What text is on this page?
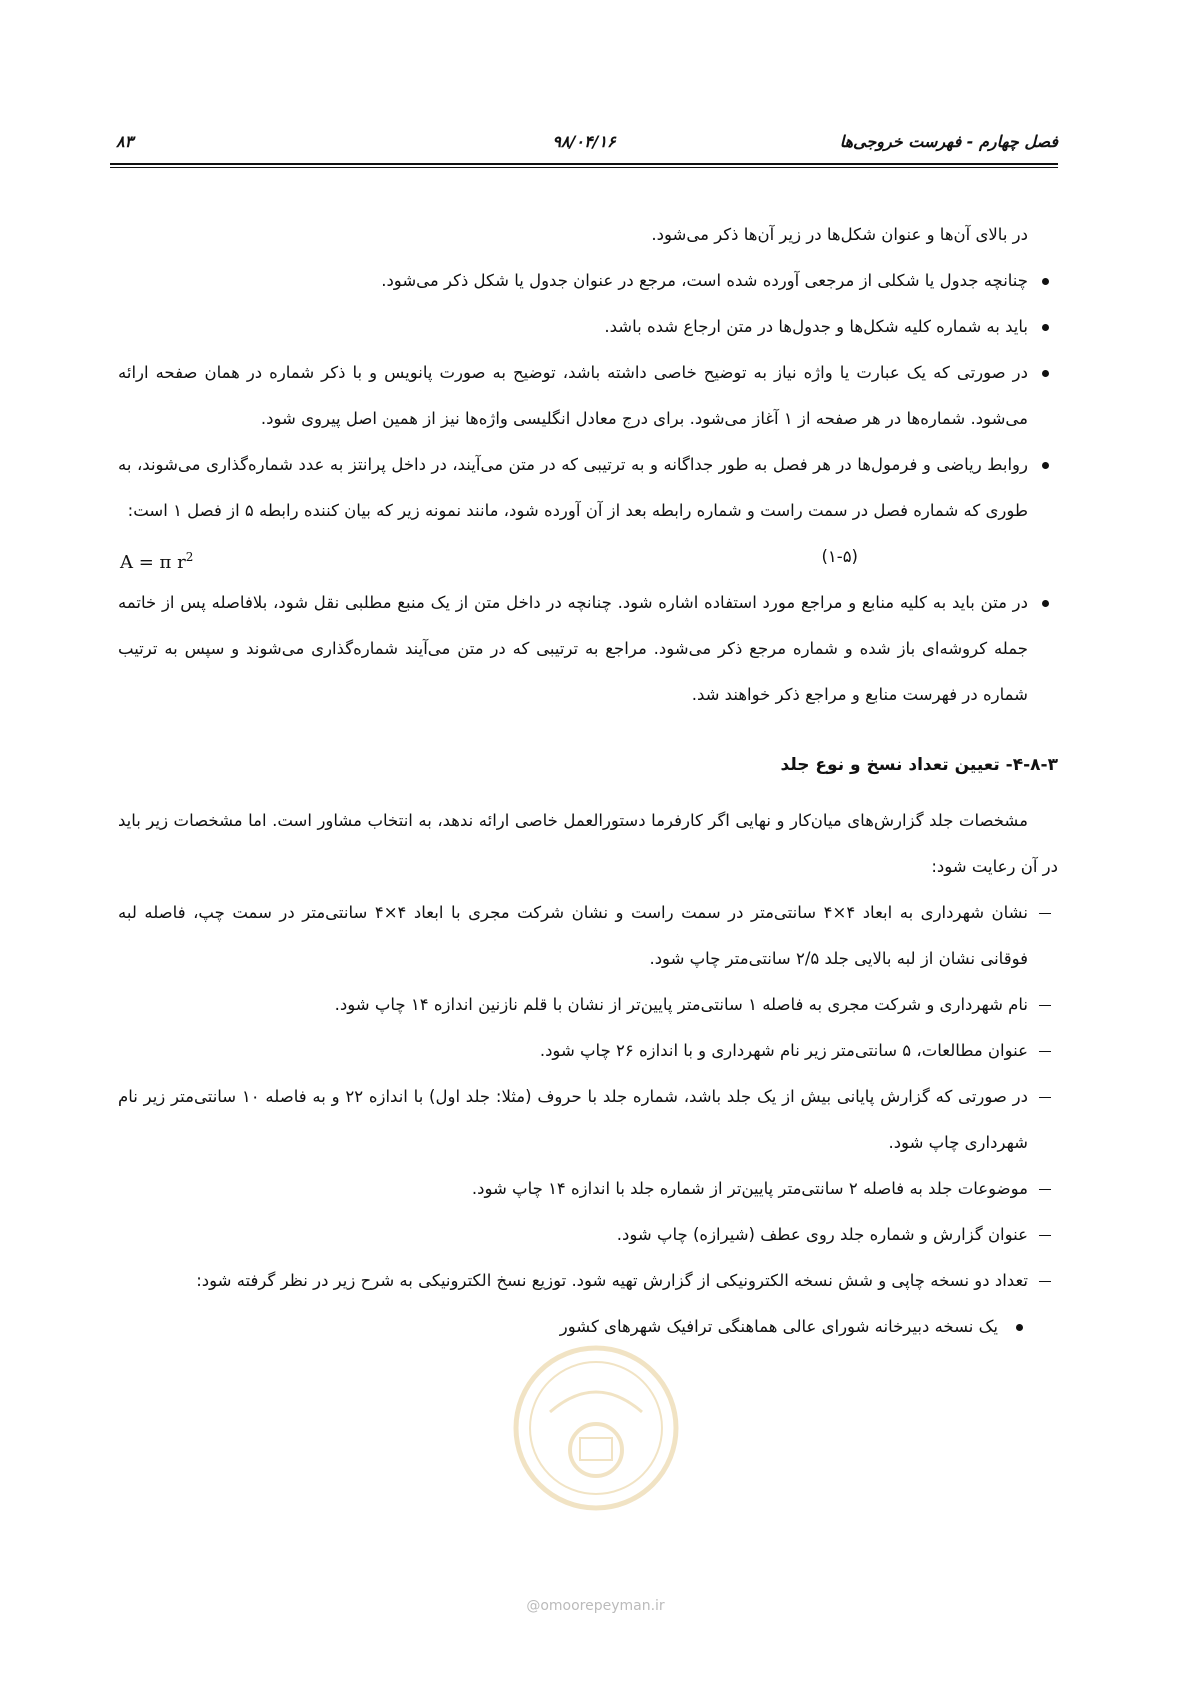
فصل چهارم - فهرست خروجی‌ها
۹۸/۰۴/۱۶
۸۳

در بالای آن‌ها و عنوان شکل‌ها در زیر آن‌ها ذکر می‌شود.

چنانچه جدول یا شکلی از مرجعی آورده شده است، مرجع در عنوان جدول یا شکل ذکر می‌شود.

باید به شماره کلیه شکل‌ها و جدول‌ها در متن ارجاع شده باشد.

در صورتی که یک عبارت یا واژه نیاز به توضیح خاصی داشته باشد، توضیح به صورت پانویس و با ذکر شماره در همان صفحه ارائه می‌شود. شماره‌ها در هر صفحه از ۱ آغاز می‌شود. برای درج معادل انگلیسی واژه‌ها نیز از همین اصل پیروی شود.

روابط ریاضی و فرمول‌ها در هر فصل به طور جداگانه و به ترتیبی که در متن می‌آیند، در داخل پرانتز به عدد شماره‌گذاری می‌شوند، به طوری که شماره فصل در سمت راست و شماره رابطه بعد از آن آورده شود، مانند نمونه زیر که بیان کننده رابطه ۵ از فصل ۱ است:

A = π $r^2$	(۱-۵)

در متن باید به کلیه منابع و مراجع مورد استفاده اشاره شود. چنانچه در داخل متن از یک منبع مطلبی نقل شود، بلافاصله پس از خاتمه جمله کروشه‌ای باز شده و شماره مرجع ذکر می‌شود. مراجع به ترتیبی که در متن می‌آیند شماره‌گذاری می‌شوند و سپس به ترتیب شماره در فهرست منابع و مراجع ذکر خواهند شد.

۴-۸-۳- تعیین تعداد نسخ و نوع جلد

مشخصات جلد گزارش‌های میان‌کار و نهایی اگر کارفرما دستورالعمل خاصی ارائه ندهد، به انتخاب مشاور است. اما مشخصات زیر باید در آن رعایت شود:

نشان شهرداری به ابعاد ۴×۴ سانتی‌متر در سمت راست و نشان شرکت مجری با ابعاد ۴×۴ سانتی‌متر در سمت چپ، فاصله لبه فوقانی نشان از لبه بالایی جلد ۲/۵ سانتی‌متر چاپ شود.

نام شهرداری و شرکت مجری به فاصله ۱ سانتی‌متر پایین‌تر از نشان با قلم نازنین اندازه ۱۴ چاپ شود.

عنوان مطالعات، ۵ سانتی‌متر زیر نام شهرداری و با اندازه ۲۶ چاپ شود.

در صورتی که گزارش پایانی بیش از یک جلد باشد، شماره جلد با حروف (مثلا: جلد اول) با اندازه ۲۲ و به فاصله ۱۰ سانتی‌متر زیر نام شهرداری چاپ شود.

موضوعات جلد به فاصله ۲ سانتی‌متر پایین‌تر از شماره جلد با اندازه ۱۴ چاپ شود.

عنوان گزارش و شماره جلد روی عطف (شیرازه) چاپ شود.

تعداد دو نسخه چاپی و شش نسخه الکترونیکی از گزارش تهیه شود. توزیع نسخ الکترونیکی به شرح زیر در نظر گرفته شود:

یک نسخه دبیرخانه شورای عالی هماهنگی ترافیک شهرهای کشور

@omoorepeyman.ir
